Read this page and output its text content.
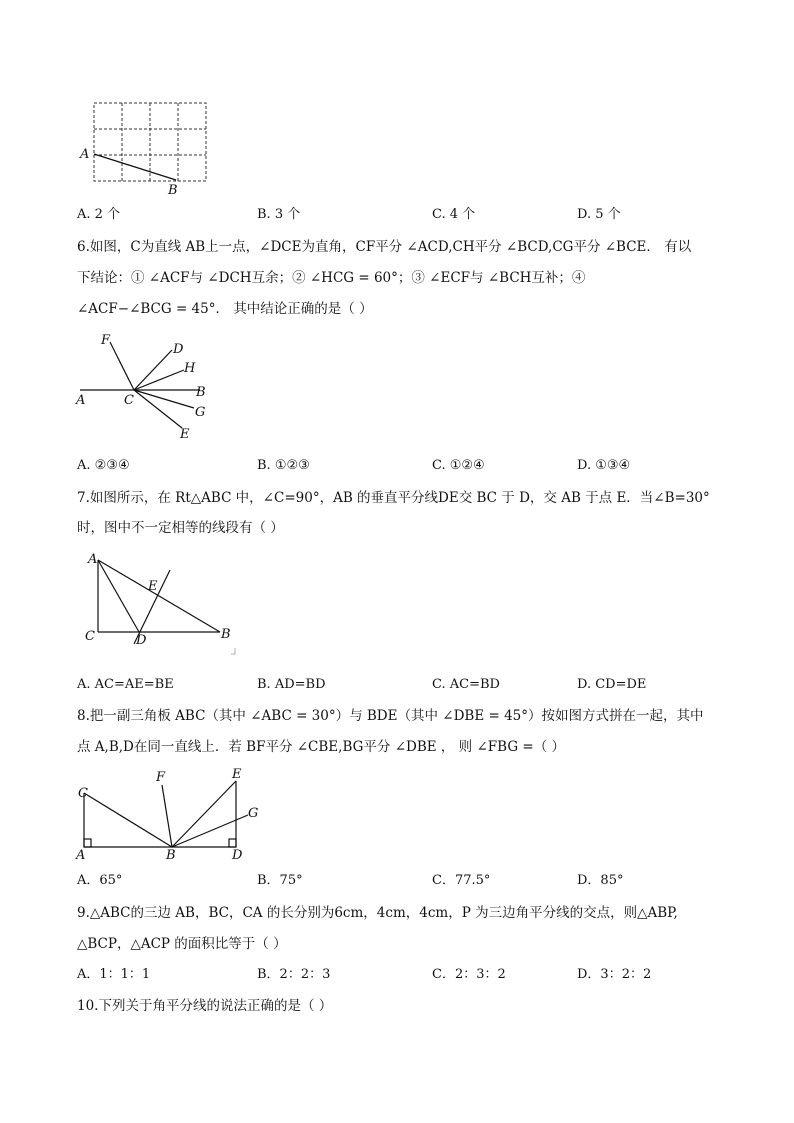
A
B
A. 2 个	B. 3 个	C. 4 个	D. 5 个
6.如图，C为直线 AB上一点，∠DCE为直角，CF平分 ∠ACD,CH平分 ∠BCD,CG平分 ∠BCE． 有以
下结论：① ∠ACF与 ∠DCH互余；② ∠HCG = 60°；③ ∠ECF与 ∠BCH互补；④
∠ACF−∠BCG = 45°． 其中结论正确的是（ ）
F
D
H
B
A	C
G
E
A. ②③④	B. ①②③	C. ①②④	D. ①③④
7.如图所示，在 Rt△ABC 中，∠C=90°，AB 的垂直平分线DE交 BC 于 D，交 AB 于点 E．当∠B=30°
时，图中不一定相等的线段有（ ）
A
E
C	D	B
A. AC=AE=BE	B. AD=BD	C. AC=BD	D. CD=DE
8.把一副三角板 ABC（其中 ∠ABC = 30°）与 BDE（其中 ∠DBE = 45°）按如图方式拼在一起，其中
点 A,B,D在同一直线上．若 BF平分 ∠CBE,BG平分 ∠DBE ， 则 ∠FBG =（ ）
E
F
C
G
A	B	D
A．65°	B．75°	C．77.5°	D．85°
9.△ABC的三边 AB，BC，CA 的长分别为6cm，4cm，4cm，P 为三边角平分线的交点，则△ABP,
△BCP，△ACP 的面积比等于（ ）
A．1：1：1	B．2：2：3	C．2：3：2	D．3：2：2
10.下列关于角平分线的说法正确的是（ ）
